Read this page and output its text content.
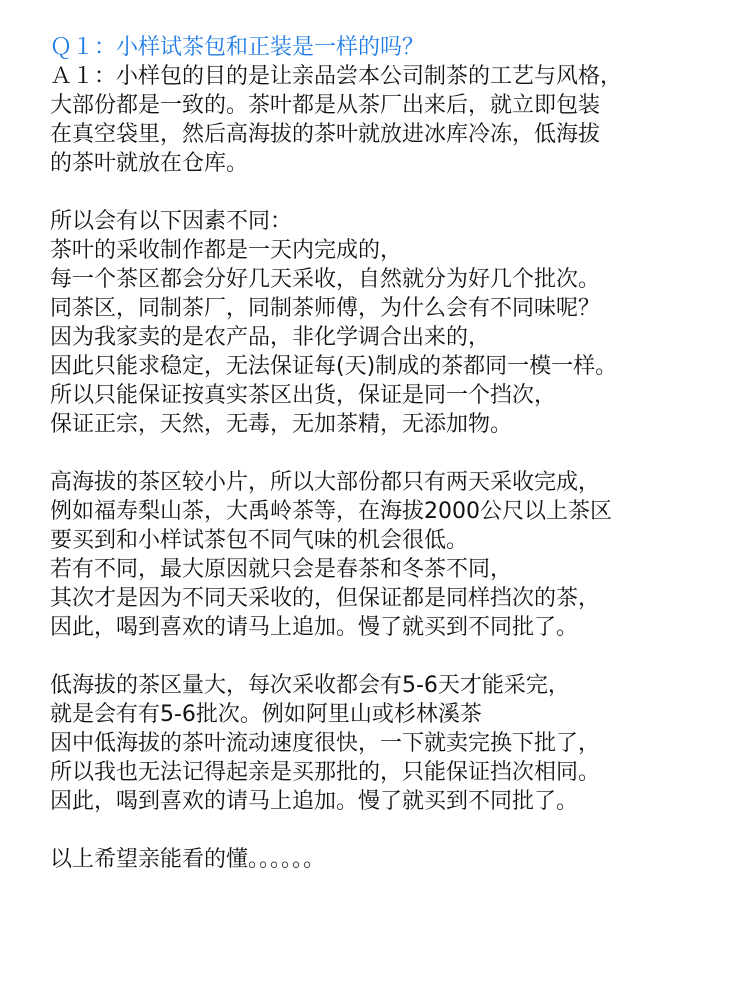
Ｑ１：小样试茶包和正装是一样的吗？
Ａ１：小样包的目的是让亲品尝本公司制茶的工艺与风格，
大部份都是一致的。茶叶都是从茶厂出来后，就立即包装
在真空袋里，然后高海拔的茶叶就放进冰库冷冻，低海拔
的茶叶就放在仓库。
所以会有以下因素不同：
茶叶的采收制作都是一天内完成的，
每一个茶区都会分好几天采收，自然就分为好几个批次。
同茶区，同制茶厂，同制茶师傅，为什么会有不同味呢？
因为我家卖的是农产品，非化学调合出来的，
因此只能求稳定，无法保证每(天)制成的茶都同一模一样。
所以只能保证按真实茶区出货，保证是同一个挡次，
保证正宗，天然，无毒，无加茶精，无添加物。
高海拔的茶区较小片，所以大部份都只有两天采收完成，
例如福寿梨山茶，大禹岭茶等，在海拔2000公尺以上茶区
要买到和小样试茶包不同气味的机会很低。
若有不同，最大原因就只会是春茶和冬茶不同，
其次才是因为不同天采收的，但保证都是同样挡次的茶，
因此，喝到喜欢的请马上追加。慢了就买到不同批了。
低海拔的茶区量大，每次采收都会有5-6天才能采完，
就是会有有5-6批次。例如阿里山或杉林溪茶
因中低海拔的茶叶流动速度很快，一下就卖完换下批了，
所以我也无法记得起亲是买那批的，只能保证挡次相同。
因此，喝到喜欢的请马上追加。慢了就买到不同批了。
以上希望亲能看的懂。。。。。。
